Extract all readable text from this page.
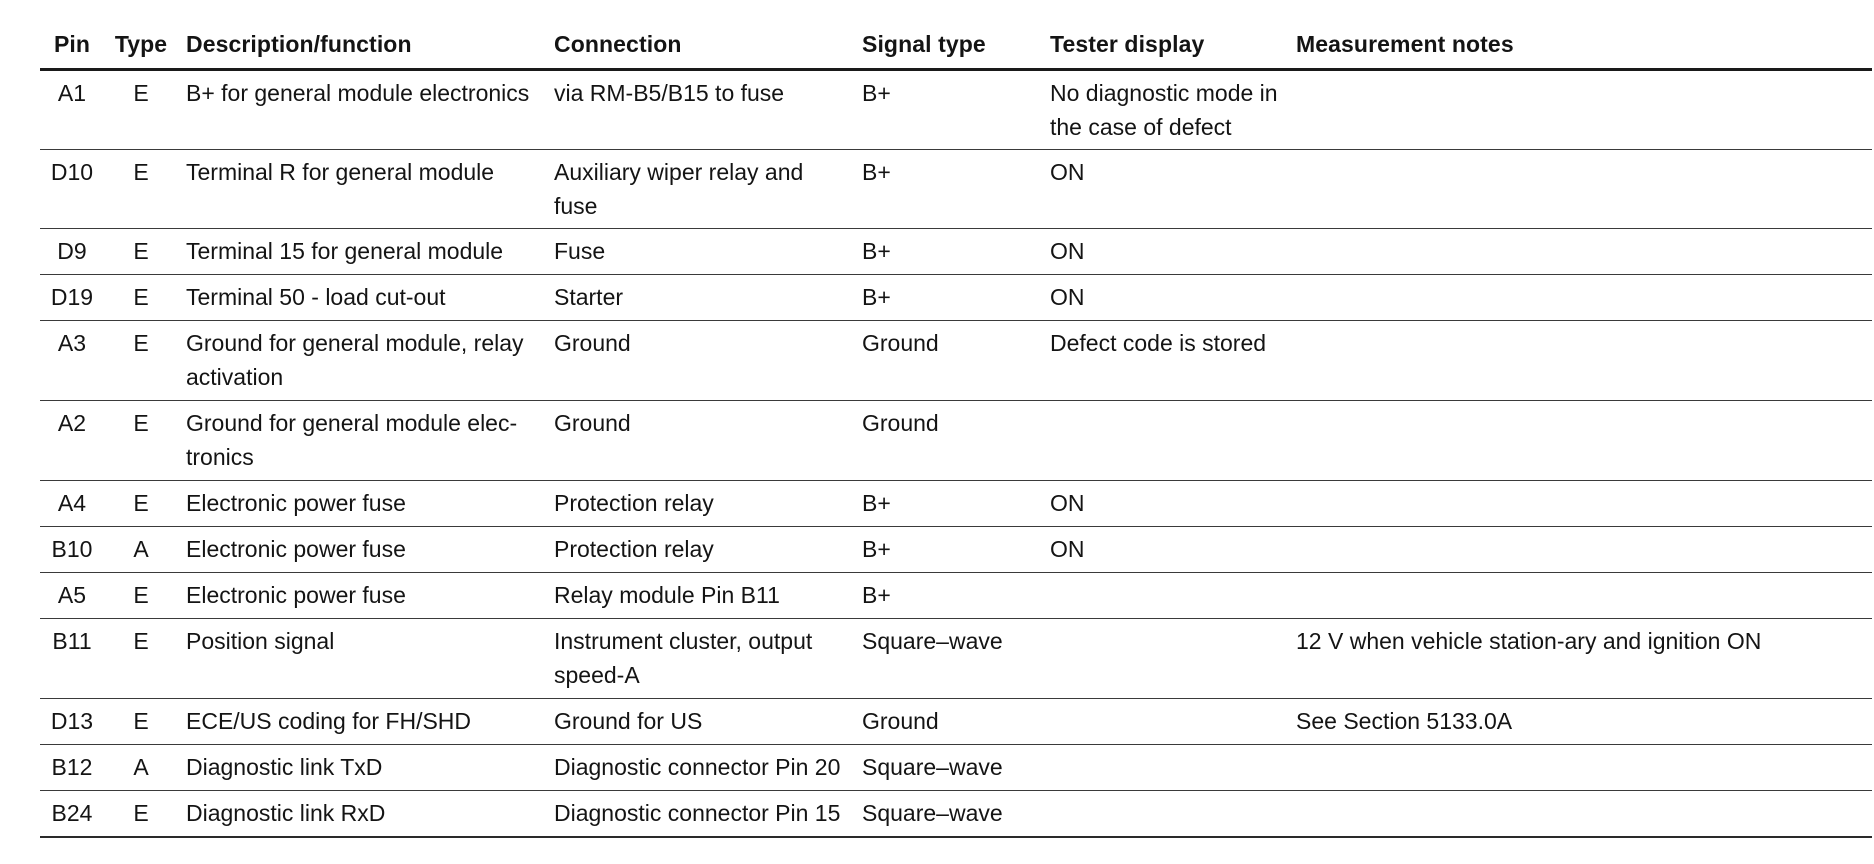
Pin	Type	Description/function	Connection	Signal type	Tester display	Measurement notes
A1	E	B+ for general module electronics	via RM-B5/B15 to fuse	B+	No diagnostic mode in the case of defect	
D10	E	Terminal R for general module	Auxiliary wiper relay and fuse	B+	ON	
D9	E	Terminal 15 for general module	Fuse	B+	ON	
D19	E	Terminal 50 - load cut-out	Starter	B+	ON	
A3	E	Ground for general module, relay activation	Ground	Ground	Defect code is stored	
A2	E	Ground for general module elec-tronics	Ground	Ground		
A4	E	Electronic power fuse	Protection relay	B+	ON	
B10	A	Electronic power fuse	Protection relay	B+	ON	
A5	E	Electronic power fuse	Relay module Pin B11	B+		
B11	E	Position signal	Instrument cluster, output speed-A	Square–wave		12 V when vehicle station-ary and ignition ON
D13	E	ECE/US coding for FH/SHD	Ground for US	Ground		See Section 5133.0A
B12	A	Diagnostic link TxD	Diagnostic connector Pin 20	Square–wave		
B24	E	Diagnostic link RxD	Diagnostic connector Pin 15	Square–wave		
